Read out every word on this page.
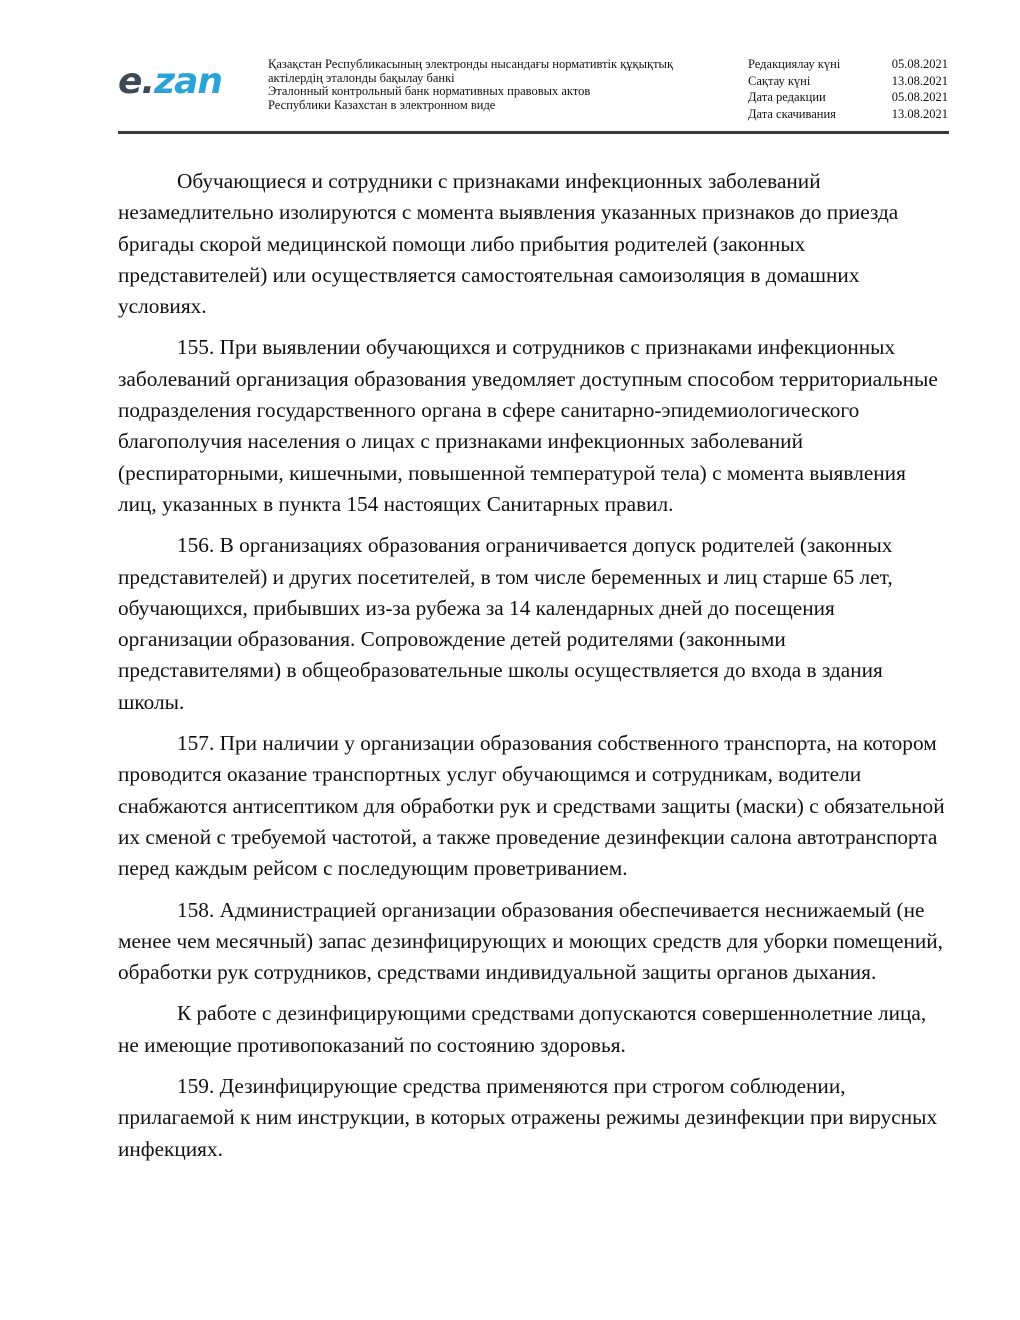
e.zan	Қазақстан Республикасының электронды нысандағы нормативтік құқықтық
актілердің эталонды бақылау банкі
Эталонный контрольный банк нормативных правовых актов
Республики Казахстан в электронном виде
Редакциялау күні	05.08.2021
Сақтау күні	13.08.2021
Дата редакции	05.08.2021
Дата скачивания	13.08.2021

Обучающиеся и сотрудники с признаками инфекционных заболеваний незамедлительно изолируются с момента выявления указанных признаков до приезда бригады скорой медицинской помощи либо прибытия родителей (законных представителей) или осуществляется самостоятельная самоизоляция в домашних условиях.

155. При выявлении обучающихся и сотрудников с признаками инфекционных заболеваний организация образования уведомляет доступным способом территориальные подразделения государственного органа в сфере санитарно-эпидемиологического благополучия населения о лицах с признаками инфекционных заболеваний (респираторными, кишечными, повышенной температурой тела) с момента выявления лиц, указанных в пункта 154 настоящих Санитарных правил.

156. В организациях образования ограничивается допуск родителей (законных представителей) и других посетителей, в том числе беременных и лиц старше 65 лет, обучающихся, прибывших из-за рубежа за 14 календарных дней до посещения организации образования. Сопровождение детей родителями (законными представителями) в общеобразовательные школы осуществляется до входа в здания школы.

157. При наличии у организации образования собственного транспорта, на котором проводится оказание транспортных услуг обучающимся и сотрудникам, водители снабжаются антисептиком для обработки рук и средствами защиты (маски) с обязательной их сменой с требуемой частотой, а также проведение дезинфекции салона автотранспорта перед каждым рейсом с последующим проветриванием.

158. Администрацией организации образования обеспечивается неснижаемый (не менее чем месячный) запас дезинфицирующих и моющих средств для уборки помещений, обработки рук сотрудников, средствами индивидуальной защиты органов дыхания.

К работе с дезинфицирующими средствами допускаются совершеннолетние лица, не имеющие противопоказаний по состоянию здоровья.

159. Дезинфицирующие средства применяются при строгом соблюдении, прилагаемой к ним инструкции, в которых отражены режимы дезинфекции при вирусных инфекциях.
